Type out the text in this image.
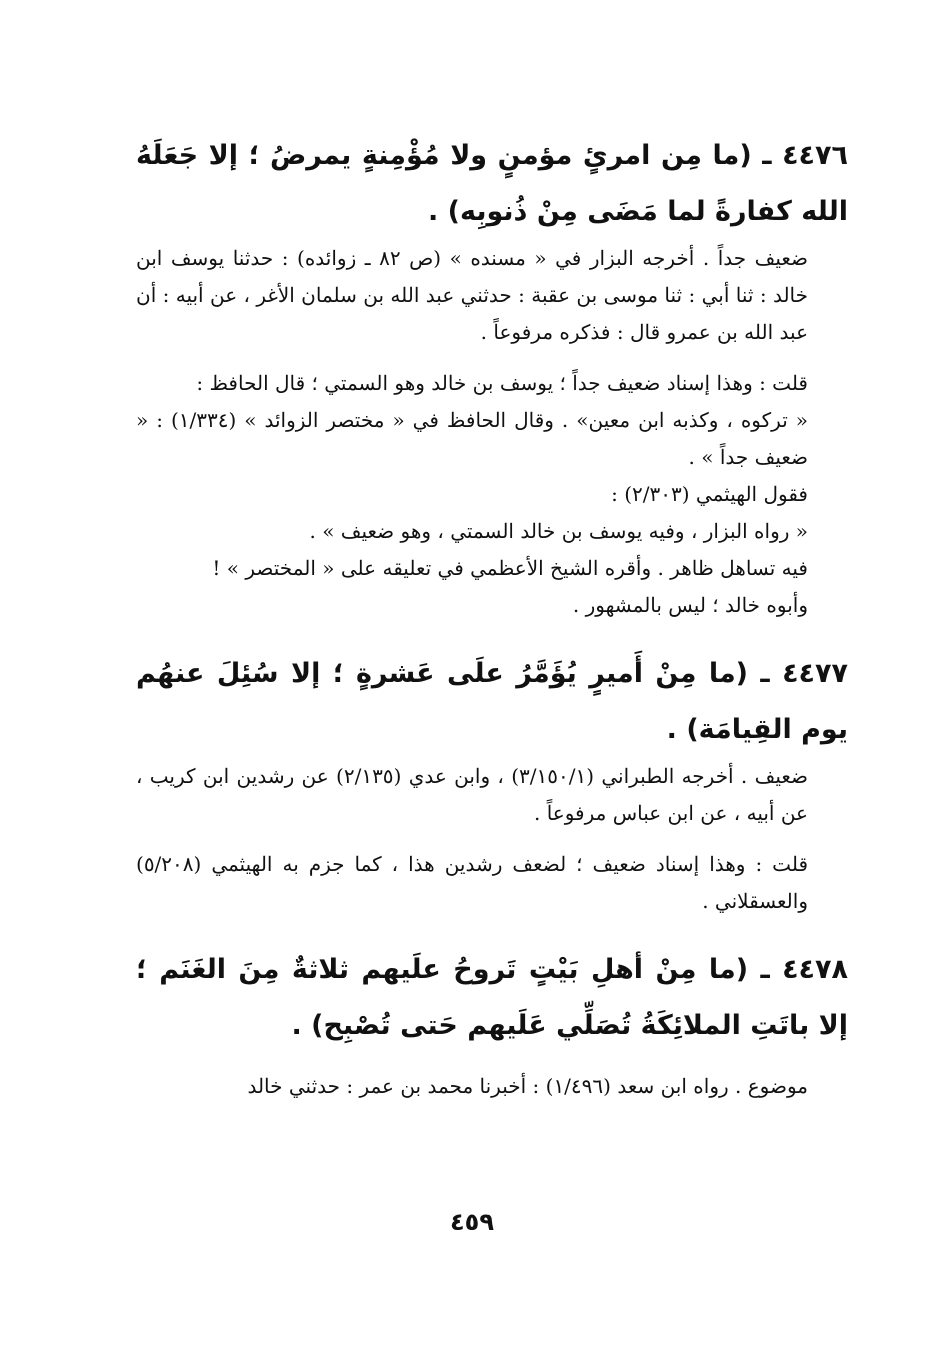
٤٤٧٦ ـ (ما مِن امرئٍ مؤمنٍ ولا مُؤْمِنةٍ يمرضُ ؛ إلا جَعَلَهُ الله كفارةً لما مَضَى مِنْ ذُنوبِه) .

ضعيف جداً . أخرجه البزار في « مسنده » (ص ٨٢ ـ زوائده) : حدثنا يوسف ابن خالد : ثنا أبي : ثنا موسى بن عقبة : حدثني عبد الله بن سلمان الأغر ، عن أبيه : أن عبد الله بن عمرو قال : فذكره مرفوعاً .

قلت : وهذا إسناد ضعيف جداً ؛ يوسف بن خالد وهو السمتي ؛ قال الحافظ :

« تركوه ، وكذبه ابن معين» . وقال الحافظ في « مختصر الزوائد » (١/٣٣٤) : « ضعيف جداً » .

فقول الهيثمي (٢/٣٠٣) :

« رواه البزار ، وفيه يوسف بن خالد السمتي ، وهو ضعيف » .

فيه تساهل ظاهر . وأقره الشيخ الأعظمي في تعليقه على « المختصر » !

وأبوه خالد ؛ ليس بالمشهور .

٤٤٧٧ ـ (ما مِنْ أَميرٍ يُؤَمَّرُ علَى عَشرةٍ ؛ إلا سُئِلَ عنهُم يوم القِيامَة) .

ضعيف . أخرجه الطبراني (٣/١٥٠/١) ، وابن عدي (٢/١٣٥) عن رشدين ابن كريب ، عن أبيه ، عن ابن عباس مرفوعاً .

قلت : وهذا إسناد ضعيف ؛ لضعف رشدين هذا ، كما جزم به الهيثمي (٥/٢٠٨) والعسقلاني .

٤٤٧٨ ـ (ما مِنْ أهلِ بَيْتٍ تَروحُ علَيهم ثلاثةٌ مِنَ الغَنَم ؛ إلا باتَتِ الملائِكَةُ تُصَلِّي عَلَيهم حَتى تُصْبِح) .

موضوع . رواه ابن سعد (١/٤٩٦) : أخبرنا محمد بن عمر : حدثني خالد

٤٥٩
